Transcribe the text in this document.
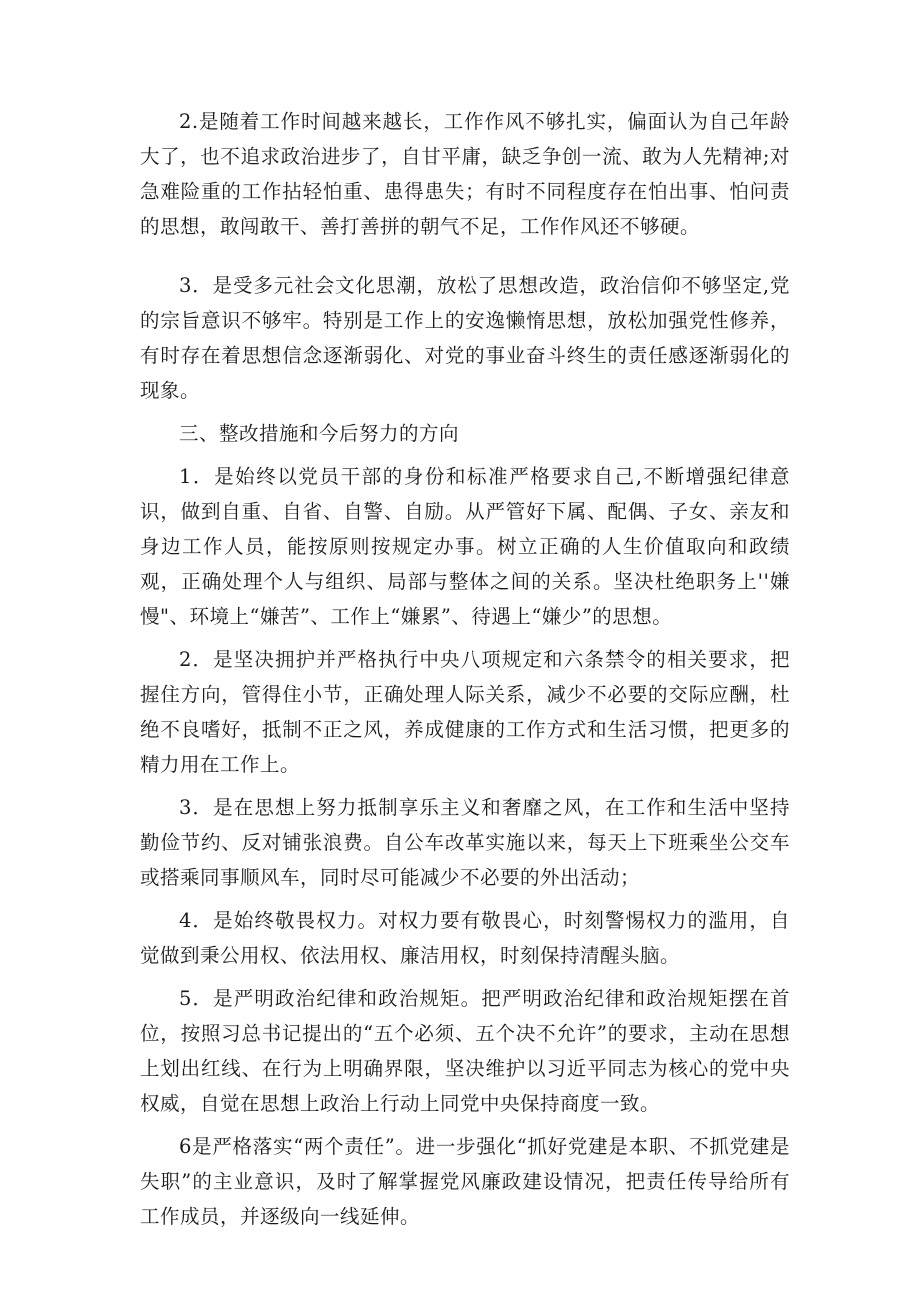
2.是随着工作时间越来越长，工作作风不够扎实，偏面认为自己年龄大了，也不追求政治进步了，自甘平庸，缺乏争创一流、敢为人先精神;对急难险重的工作拈轻怕重、患得患失；有时不同程度存在怕出事、怕问责的思想，敢闯敢干、善打善拼的朝气不足，工作作风还不够硬。

3．是受多元社会文化思潮，放松了思想改造，政治信仰不够坚定,党的宗旨意识不够牢。特别是工作上的安逸懒惰思想，放松加强党性修养，有时存在着思想信念逐渐弱化、对党的事业奋斗终生的责任感逐渐弱化的现象。

三、整改措施和今后努力的方向

1．是始终以党员干部的身份和标准严格要求自己,不断增强纪律意识，做到自重、自省、自警、自励。从严管好下属、配偶、子女、亲友和身边工作人员，能按原则按规定办事。树立正确的人生价值取向和政绩观，正确处理个人与组织、局部与整体之间的关系。坚决杜绝职务上''嫌慢"、环境上“嫌苦”、工作上“嫌累”、待遇上“嫌少”的思想。

2．是坚决拥护并严格执行中央八项规定和六条禁令的相关要求，把握住方向，管得住小节，正确处理人际关系，减少不必要的交际应酬，杜绝不良嗜好，抵制不正之风，养成健康的工作方式和生活习惯，把更多的精力用在工作上。

3．是在思想上努力抵制享乐主义和奢靡之风，在工作和生活中坚持勤俭节约、反对铺张浪费。自公车改革实施以来，每天上下班乘坐公交车或搭乘同事顺风车，同时尽可能减少不必要的外出活动；

4．是始终敬畏权力。对权力要有敬畏心，时刻警惕权力的滥用，自觉做到秉公用权、依法用权、廉洁用权，时刻保持清醒头脑。

5．是严明政治纪律和政治规矩。把严明政治纪律和政治规矩摆在首位，按照习总书记提出的“五个必须、五个决不允许”的要求，主动在思想上划出红线、在行为上明确界限，坚决维护以习近平同志为核心的党中央权威，自觉在思想上政治上行动上同党中央保持商度一致。

6是严格落实“两个责任”。进一步强化“抓好党建是本职、不抓党建是失职”的主业意识，及时了解掌握党风廉政建设情况，把责任传导给所有工作成员，并逐级向一线延伸。
